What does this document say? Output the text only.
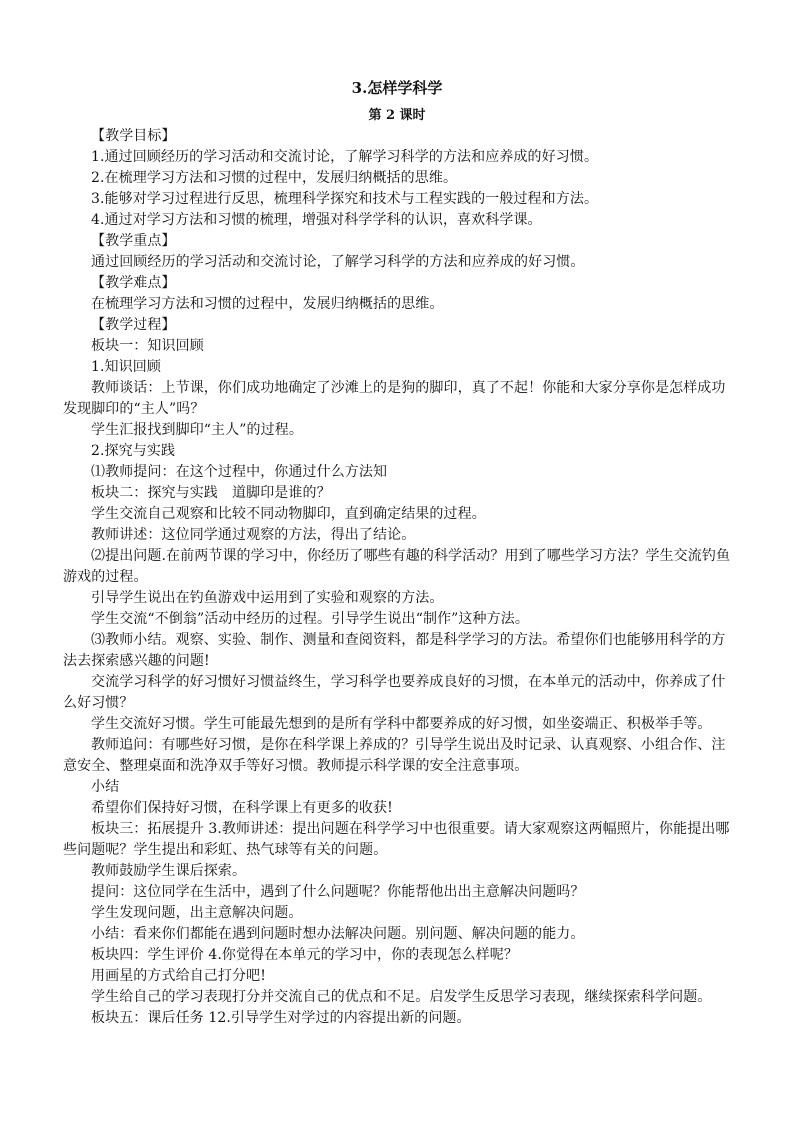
3.怎样学科学
第 2 课时

【教学目标】

1.通过回顾经历的学习活动和交流讨论，了解学习科学的方法和应养成的好习惯。

2.在梳理学习方法和习惯的过程中，发展归纳概括的思维。

3.能够对学习过程进行反思，梳理科学探究和技术与工程实践的一般过程和方法。

4.通过对学习方法和习惯的梳理，增强对科学学科的认识，喜欢科学课。

【教学重点】

通过回顾经历的学习活动和交流讨论，了解学习科学的方法和应养成的好习惯。

【教学难点】

在梳理学习方法和习惯的过程中，发展归纳概括的思维。

【教学过程】

板块一：知识回顾

1.知识回顾

教师谈话：上节课，你们成功地确定了沙滩上的是狗的脚印，真了不起！你能和大家分享你是怎样成功发现脚印的“主人”吗？

学生汇报找到脚印“主人”的过程。

2.探究与实践

⑴教师提问：在这个过程中，你通过什么方法知

板块二：探究与实践　道脚印是谁的？

学生交流自己观察和比较不同动物脚印，直到确定结果的过程。

教师讲述：这位同学通过观察的方法，得出了结论。

⑵提出问题.在前两节课的学习中，你经历了哪些有趣的科学活动？用到了哪些学习方法？学生交流钓鱼游戏的过程。

引导学生说出在钓鱼游戏中运用到了实验和观察的方法。

学生交流“不倒翁”活动中经历的过程。引导学生说出“制作”这种方法。

⑶教师小结。观察、实验、制作、测量和查阅资料，都是科学学习的方法。希望你们也能够用科学的方法去探索感兴趣的问题!

交流学习科学的好习惯好习惯益终生，学习科学也要养成良好的习惯，在本单元的活动中，你养成了什么好习惯？

学生交流好习惯。学生可能最先想到的是所有学科中都要养成的好习惯，如坐姿端正、积极举手等。

教师追问：有哪些好习惯，是你在科学课上养成的？引导学生说出及时记录、认真观察、小组合作、注意安全、整理桌面和洗净双手等好习惯。教师提示科学课的安全注意事项。

小结

希望你们保持好习惯，在科学课上有更多的收获!

板块三：拓展提升 3.教师讲述：提出问题在科学学习中也很重要。请大家观察这两幅照片，你能提出哪些问题呢？学生提出和彩虹、热气球等有关的问题。

教师鼓励学生课后探索。

提问：这位同学在生活中，遇到了什么问题呢？你能帮他出出主意解决问题吗？

学生发现问题，出主意解决问题。

小结：看来你们都能在遇到问题时想办法解决问题。别问题、解决问题的能力。

板块四：学生评价 4.你觉得在本单元的学习中，你的表现怎么样呢？

用画星的方式给自己打分吧!

学生给自己的学习表现打分并交流自己的优点和不足。启发学生反思学习表现，继续探索科学问题。

板块五：课后任务 12.引导学生对学过的内容提出新的问题。
